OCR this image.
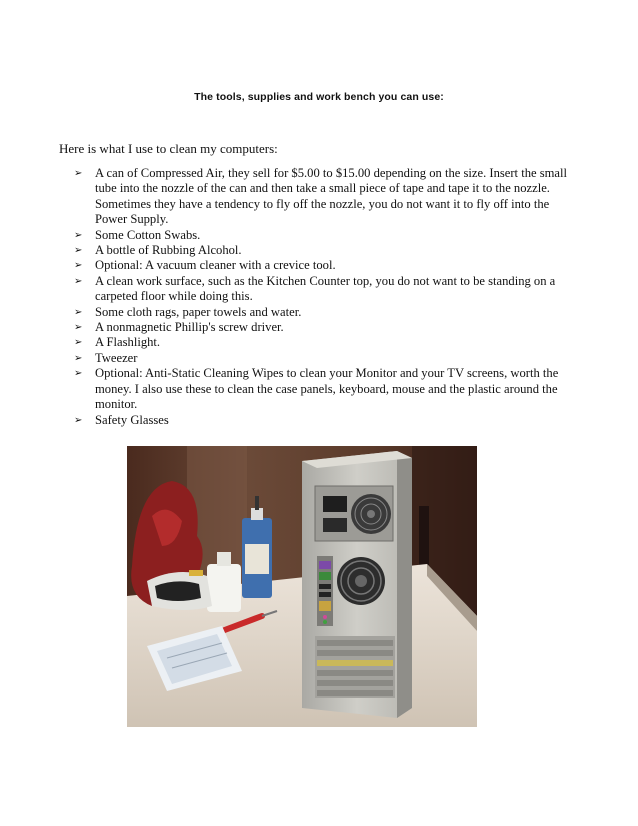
The tools, supplies and work bench you can use:
Here is what I use to clean my computers:
➢ A can of Compressed Air, they sell for $5.00 to $15.00 depending on the size. Insert the small tube into the nozzle of the can and then take a small piece of tape and tape it to the nozzle. Sometimes they have a tendency to fly off the nozzle, you do not want it to fly off into the Power Supply.
➢ Some Cotton Swabs.
➢ A bottle of Rubbing Alcohol.
➢ Optional: A vacuum cleaner with a crevice tool.
➢ A clean work surface, such as the Kitchen Counter top, you do not want to be standing on a carpeted floor while doing this.
➢ Some cloth rags, paper towels and water.
➢ A nonmagnetic Phillip's screw driver.
➢ A Flashlight.
➢ Tweezer
➢ Optional: Anti-Static Cleaning Wipes to clean your Monitor and your TV screens, worth the money. I also use these to clean the case panels, keyboard, mouse and the plastic around the monitor.
➢ Safety Glasses
